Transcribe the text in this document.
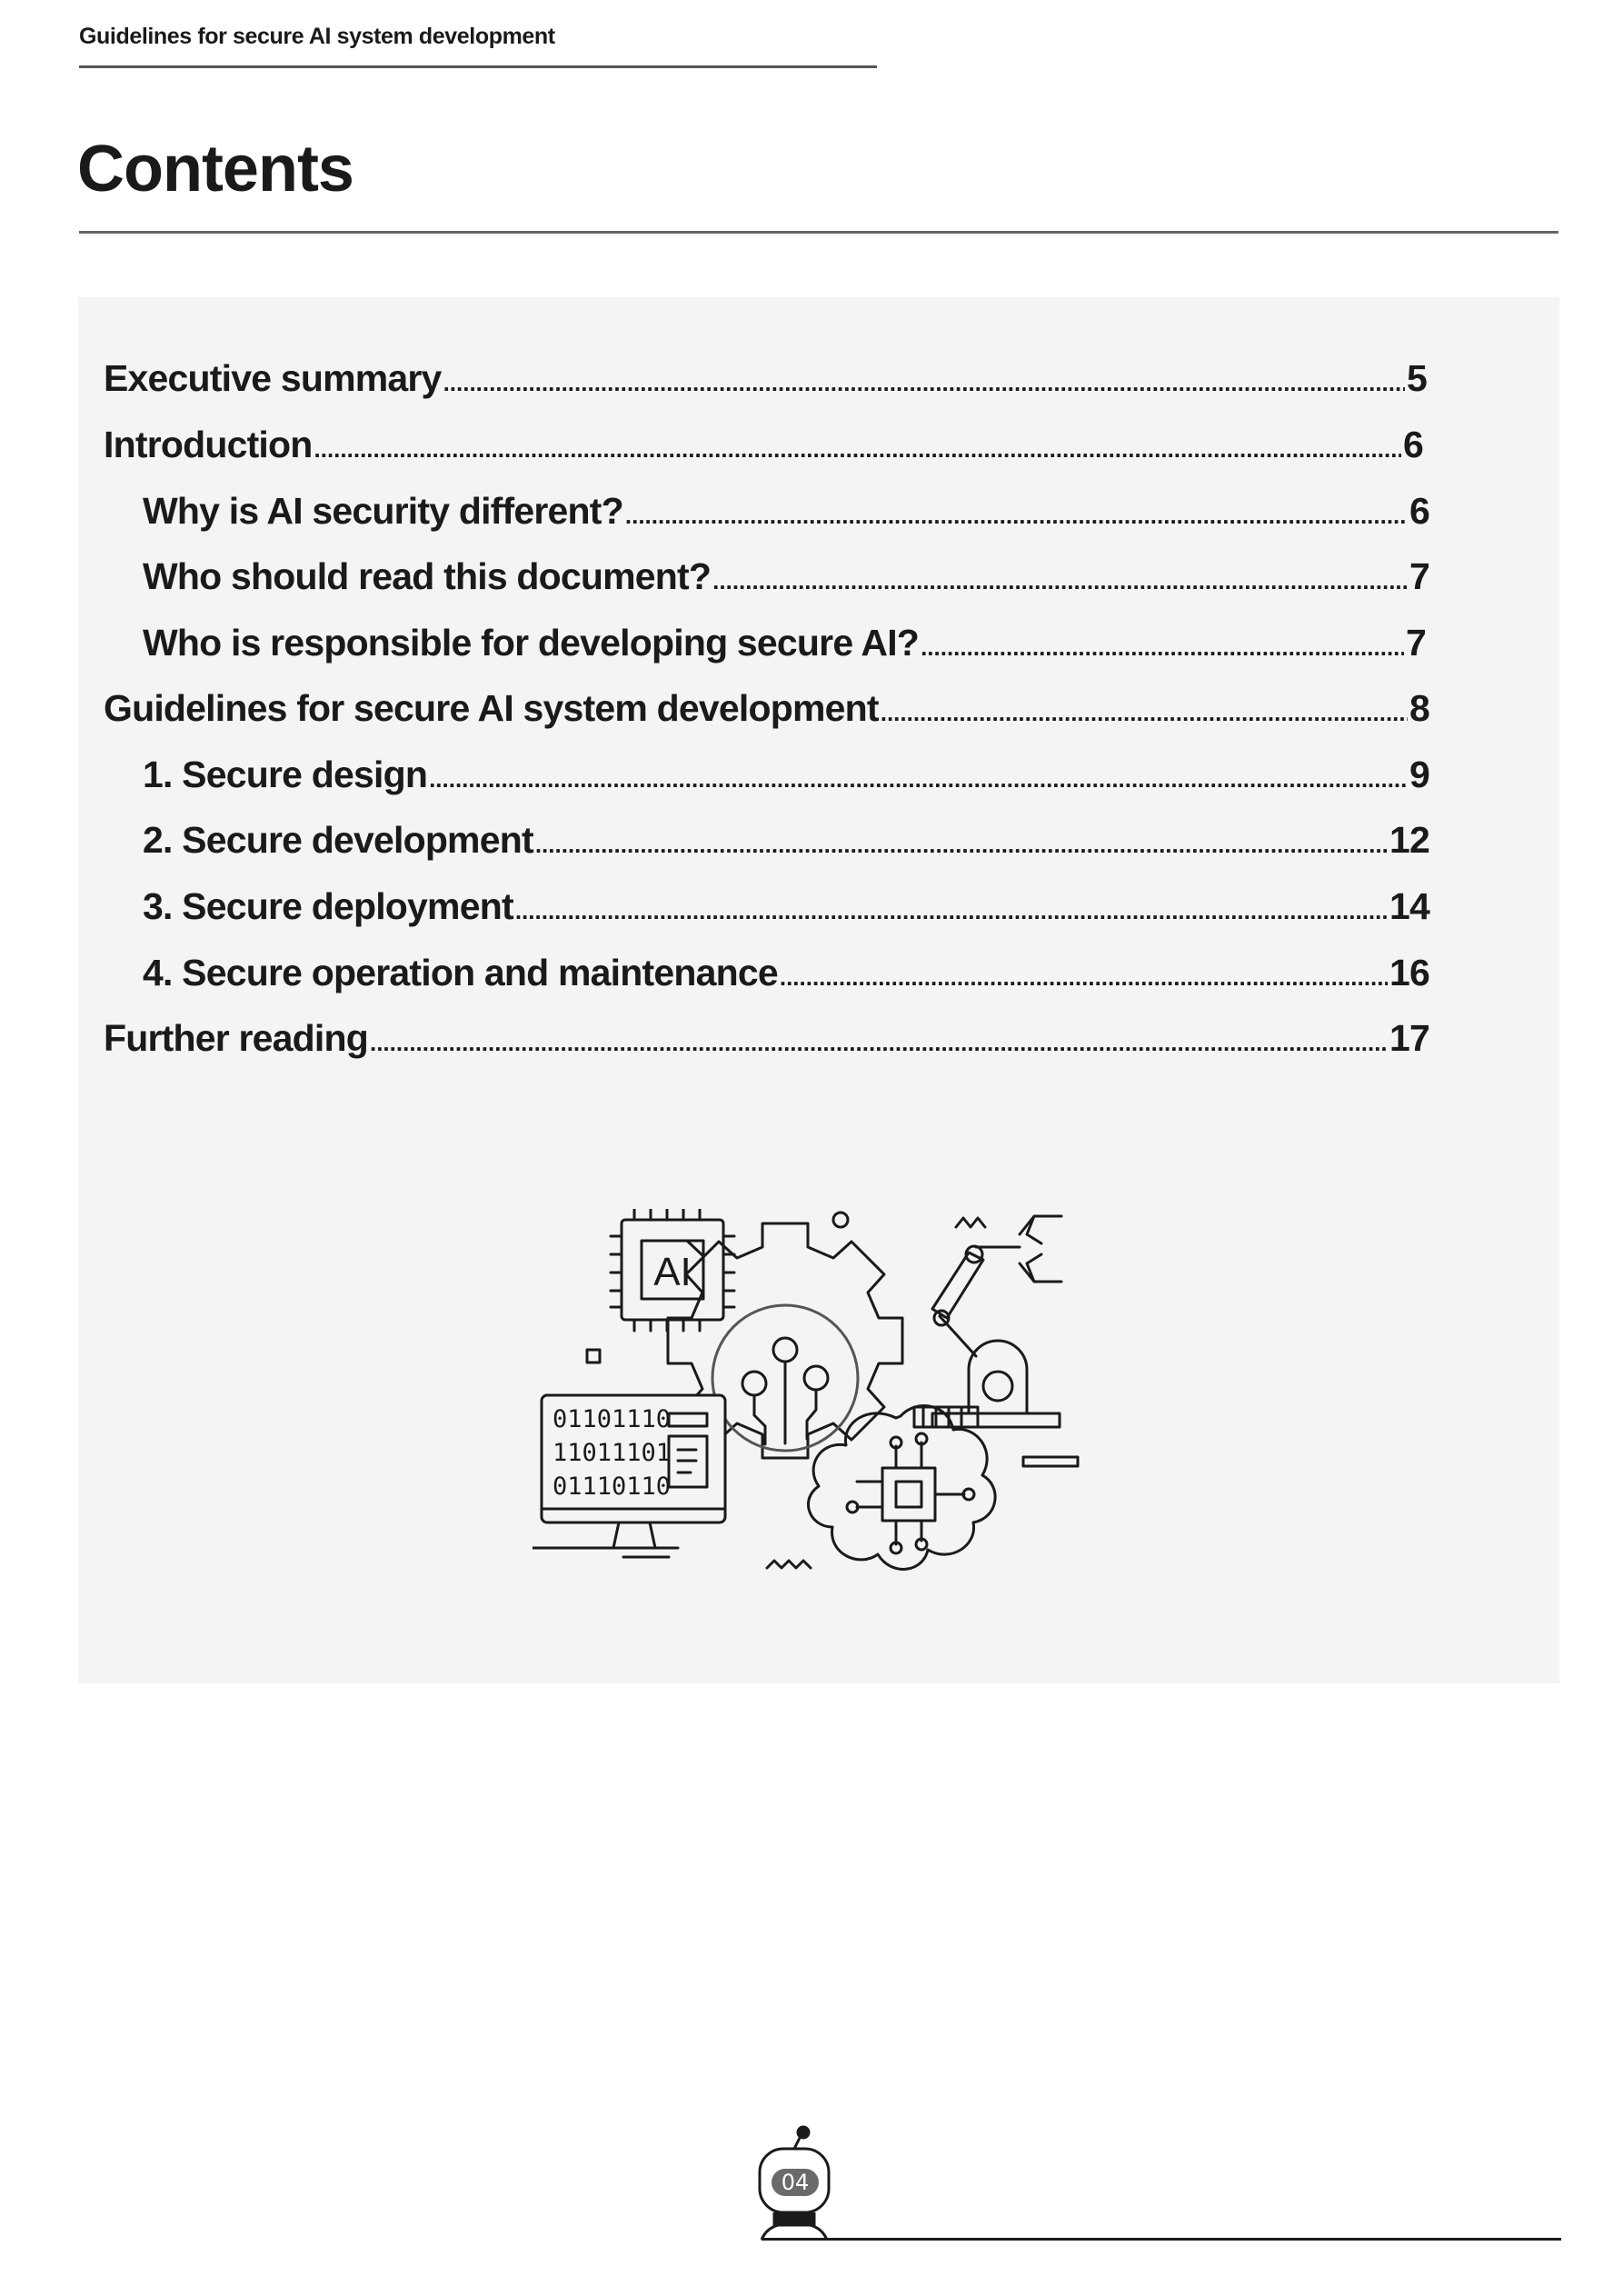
Guidelines for secure AI system development
Contents
Executive summary .....	5
Introduction .....	6
Why is AI security different? .....	6
Who should read this document? .....	7
Who is responsible for developing secure AI? .....	7
Guidelines for secure AI system development .....	8
1. Secure design .....	9
2. Secure development .....	12
3. Secure deployment .....	14
4. Secure operation and maintenance .....	16
Further reading .....	17
AI
01101110
11011101
01110110
04
